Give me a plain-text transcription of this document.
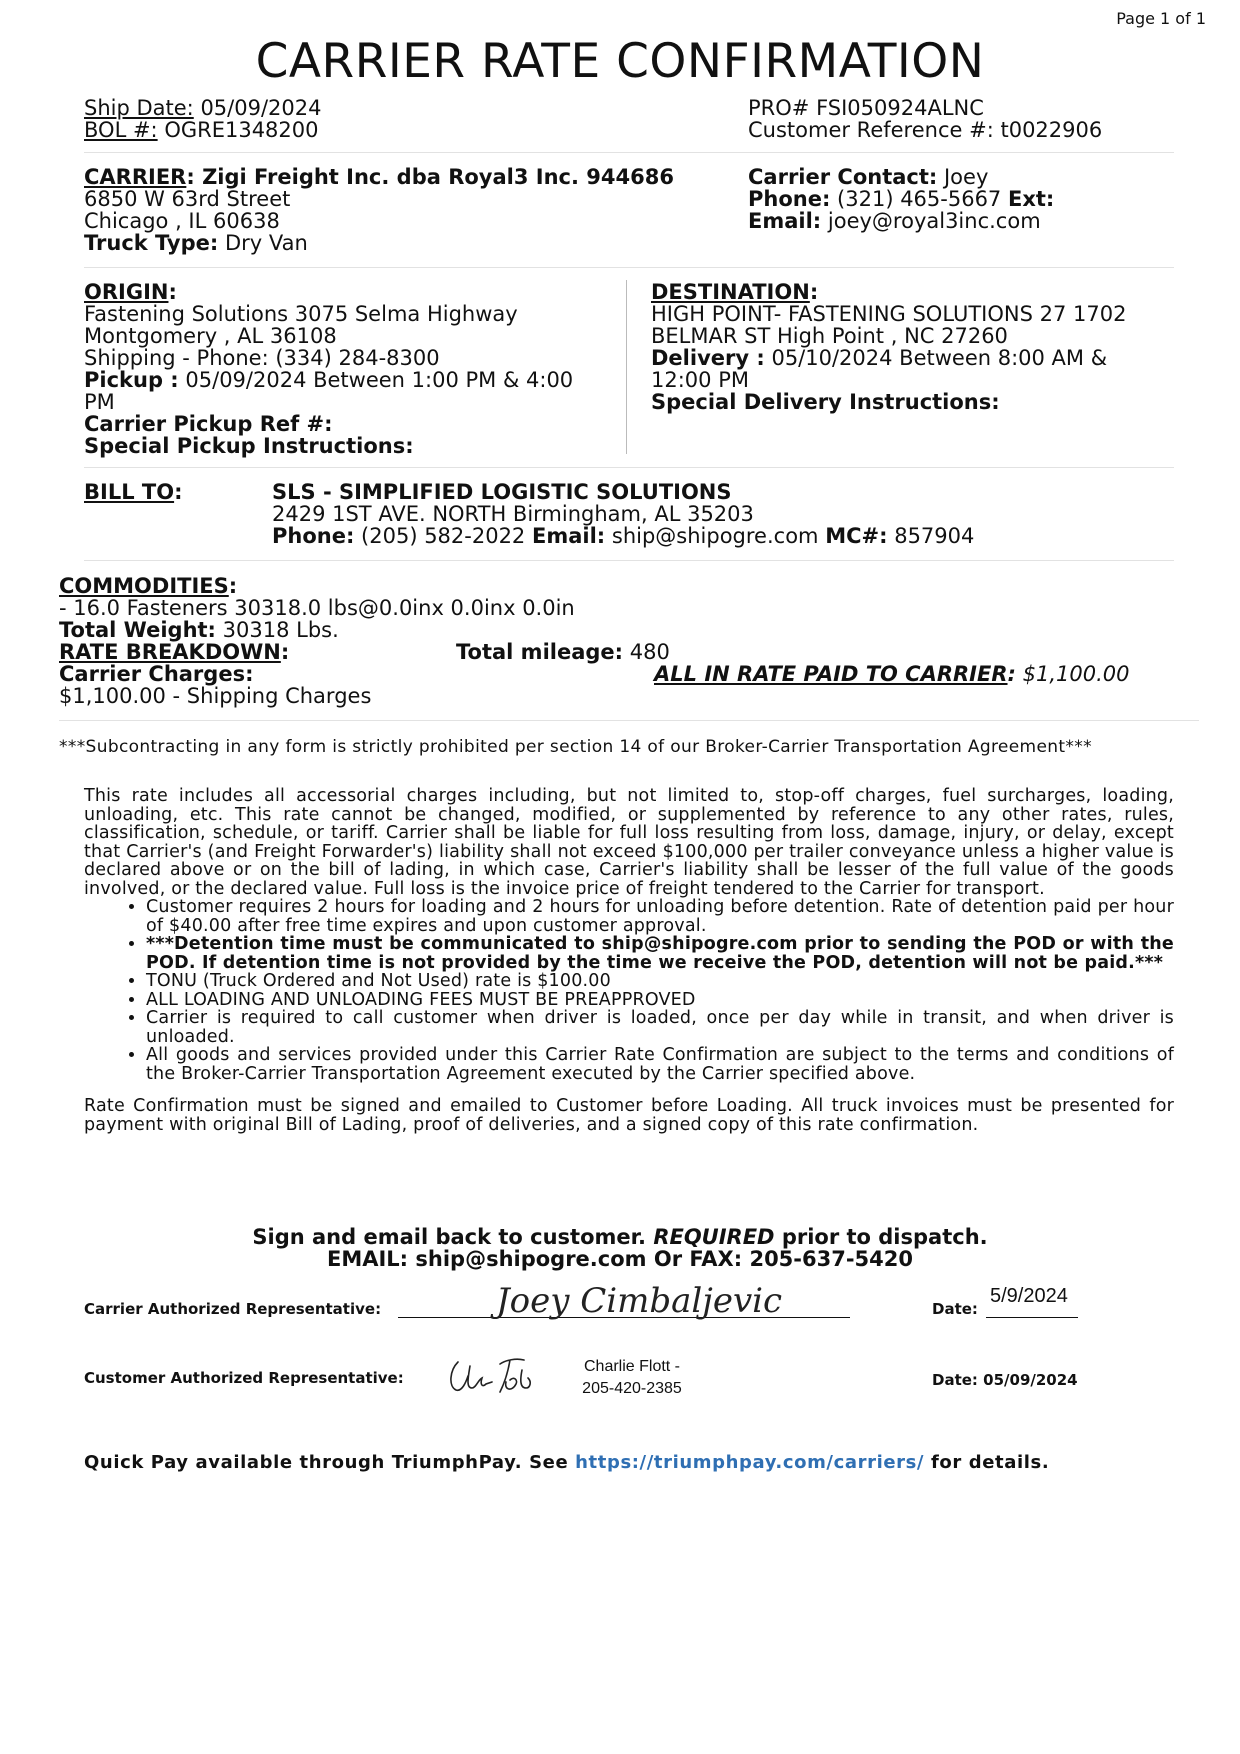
Page 1 of 1
CARRIER RATE CONFIRMATION
Ship Date: 05/09/2024
BOL #: OGRE1348200
PRO# FSI050924ALNC
Customer Reference #: t0022906
CARRIER: Zigi Freight Inc. dba Royal3 Inc. 944686
6850 W 63rd Street
Chicago , IL 60638
Truck Type: Dry Van
Carrier Contact: Joey
Phone: (321) 465-5667 Ext:
Email: joey@royal3inc.com
ORIGIN:
Fastening Solutions 3075 Selma Highway
Montgomery , AL 36108
Shipping - Phone: (334) 284-8300
Pickup : 05/09/2024 Between 1:00 PM & 4:00
PM
Carrier Pickup Ref #:
Special Pickup Instructions:
DESTINATION:
HIGH POINT- FASTENING SOLUTIONS 27 1702
BELMAR ST High Point , NC 27260
Delivery : 05/10/2024 Between 8:00 AM &
12:00 PM
Special Delivery Instructions:
BILL TO:	SLS - SIMPLIFIED LOGISTIC SOLUTIONS
2429 1ST AVE. NORTH Birmingham, AL 35203
Phone: (205) 582-2022 Email: ship@shipogre.com MC#: 857904
COMMODITIES:
- 16.0 Fasteners 30318.0 lbs@0.0inx 0.0inx 0.0in
Total Weight: 30318 Lbs.
RATE BREAKDOWN:	Total mileage: 480
Carrier Charges:	ALL IN RATE PAID TO CARRIER: $1,100.00
$1,100.00 - Shipping Charges
***Subcontracting in any form is strictly prohibited per section 14 of our Broker-Carrier Transportation Agreement***
This rate includes all accessorial charges including, but not limited to, stop-off charges, fuel surcharges, loading, unloading, etc. This rate cannot be changed, modified, or supplemented by reference to any other rates, rules, classification, schedule, or tariff. Carrier shall be liable for full loss resulting from loss, damage, injury, or delay, except that Carrier's (and Freight Forwarder's) liability shall not exceed $100,000 per trailer conveyance unless a higher value is declared above or on the bill of lading, in which case, Carrier's liability shall be lesser of the full value of the goods involved, or the declared value. Full loss is the invoice price of freight tendered to the Carrier for transport.
• Customer requires 2 hours for loading and 2 hours for unloading before detention. Rate of detention paid per hour of $40.00 after free time expires and upon customer approval.
• ***Detention time must be communicated to ship@shipogre.com prior to sending the POD or with the POD. If detention time is not provided by the time we receive the POD, detention will not be paid.***
• TONU (Truck Ordered and Not Used) rate is $100.00
• ALL LOADING AND UNLOADING FEES MUST BE PREAPPROVED
• Carrier is required to call customer when driver is loaded, once per day while in transit, and when driver is unloaded.
• All goods and services provided under this Carrier Rate Confirmation are subject to the terms and conditions of the Broker-Carrier Transportation Agreement executed by the Carrier specified above.
Rate Confirmation must be signed and emailed to Customer before Loading. All truck invoices must be presented for payment with original Bill of Lading, proof of deliveries, and a signed copy of this rate confirmation.
Sign and email back to customer. REQUIRED prior to dispatch.
EMAIL: ship@shipogre.com Or FAX: 205-637-5420
Carrier Authorized Representative:	Joey Cimbaljevic	Date:
5/9/2024
Customer Authorized Representative:
Charlie Flott -
205-420-2385	Date: 05/09/2024
Quick Pay available through TriumphPay. See https://triumphpay.com/carriers/ for details.
